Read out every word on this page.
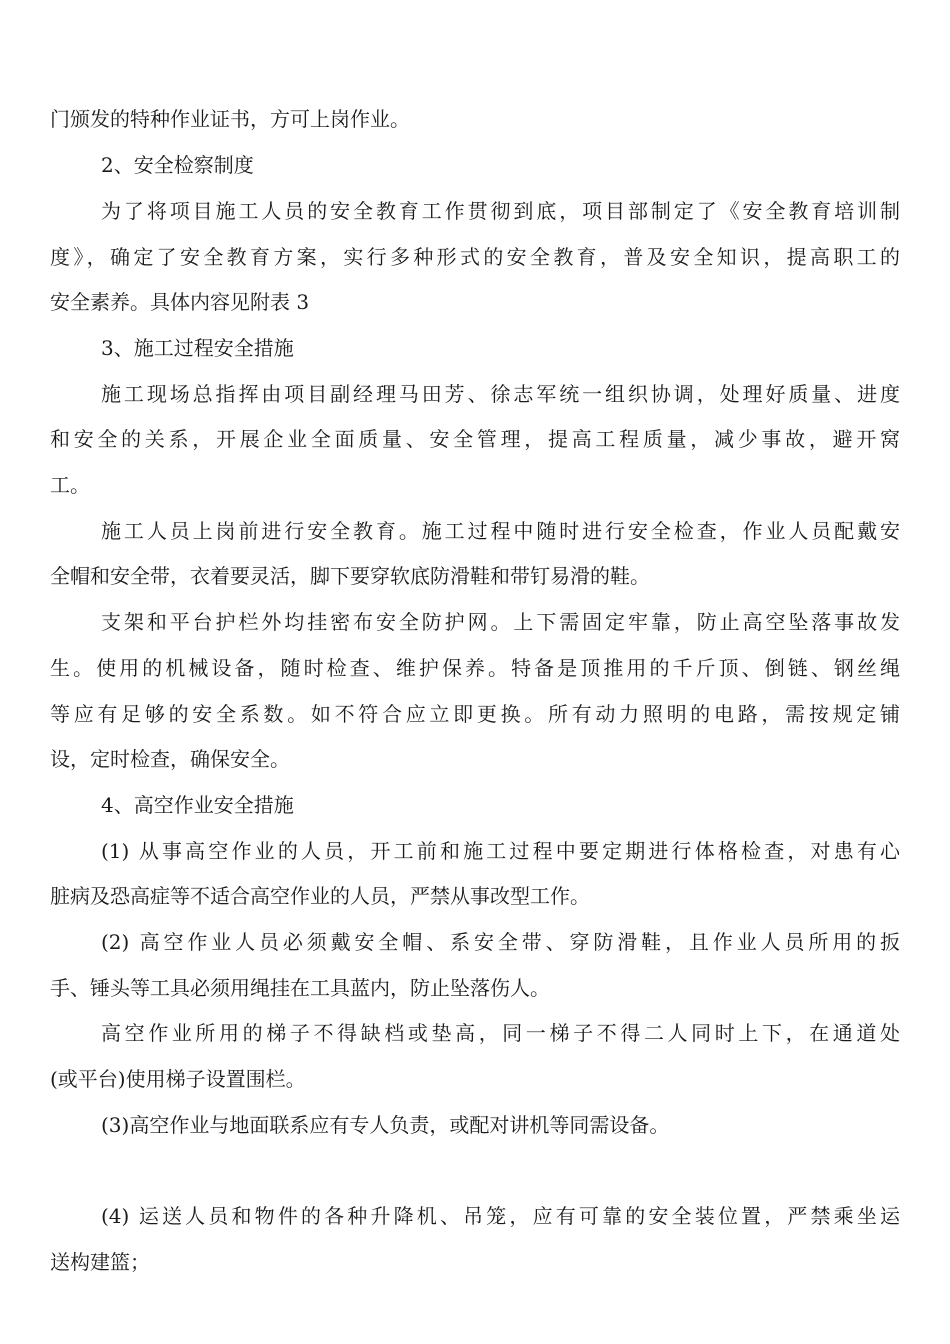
门颁发的特种作业证书，方可上岗作业。
2、安全检察制度
为了将项目施工人员的安全教育工作贯彻到底，项目部制定了《安全教育培训制
度》，确定了安全教育方案，实行多种形式的安全教育，普及安全知识，提高职工的
安全素养。具体内容见附表 3
3、施工过程安全措施
施工现场总指挥由项目副经理马田芳、徐志军统一组织协调，处理好质量、进度
和安全的关系，开展企业全面质量、安全管理，提高工程质量，减少事故，避开窝
工。
施工人员上岗前进行安全教育。施工过程中随时进行安全检查，作业人员配戴安
全帽和安全带，衣着要灵活，脚下要穿软底防滑鞋和带钉易滑的鞋。
支架和平台护栏外均挂密布安全防护网。上下需固定牢靠，防止高空坠落事故发
生。使用的机械设备，随时检查、维护保养。特备是顶推用的千斤顶、倒链、钢丝绳
等应有足够的安全系数。如不符合应立即更换。所有动力照明的电路，需按规定铺
设，定时检查，确保安全。
4、高空作业安全措施
(1) 从事高空作业的人员，开工前和施工过程中要定期进行体格检查，对患有心
脏病及恐高症等不适合高空作业的人员，严禁从事改型工作。
(2) 高空作业人员必须戴安全帽、系安全带、穿防滑鞋，且作业人员所用的扳
手、锤头等工具必须用绳挂在工具蓝内，防止坠落伤人。
高空作业所用的梯子不得缺档或垫高，同一梯子不得二人同时上下，在通道处
(或平台)使用梯子设置围栏。
(3)高空作业与地面联系应有专人负责，或配对讲机等同需设备。
(4) 运送人员和物件的各种升降机、吊笼，应有可靠的安全装位置，严禁乘坐运
送构建篮；
